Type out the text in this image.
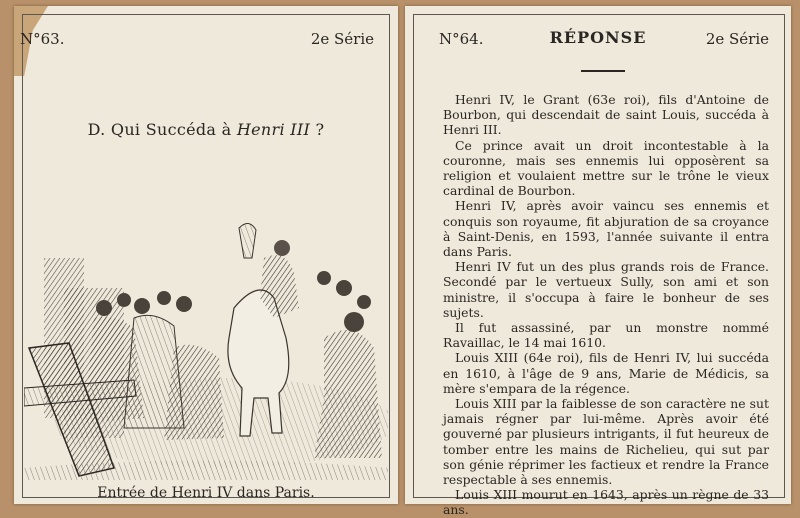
N°63.	2e Série
D. Qui Succéda à Henri III ?
Entrée de Henri IV dans Paris.
N°64.	RÉPONSE	2e Série

Henri IV, le Grant (63e roi), fils d'Antoine de Bourbon, qui descendait de saint Louis, succéda à Henri III.

Ce prince avait un droit incontestable à la couronne, mais ses ennemis lui opposèrent sa religion et voulaient mettre sur le trône le vieux cardinal de Bourbon.

Henri IV, après avoir vaincu ses ennemis et conquis son royaume, fit abjuration de sa croyance à Saint-Denis, en 1593, l'année suivante il entra dans Paris.

Henri IV fut un des plus grands rois de France. Secondé par le vertueux Sully, son ami et son ministre, il s'occupa à faire le bonheur de ses sujets.

Il fut assassiné, par un monstre nommé Ravaillac, le 14 mai 1610.

Louis XIII (64e roi), fils de Henri IV, lui succéda en 1610, à l'âge de 9 ans, Marie de Médicis, sa mère s'empara de la régence.

Louis XIII par la faiblesse de son caractère ne sut jamais régner par lui-même. Après avoir été gouverné par plusieurs intrigants, il fut heureux de tomber entre les mains de Richelieu, qui sut par son génie réprimer les factieux et rendre la France respectable à ses ennemis.

Louis XIII mourut en 1643, après un règne de 33 ans.
